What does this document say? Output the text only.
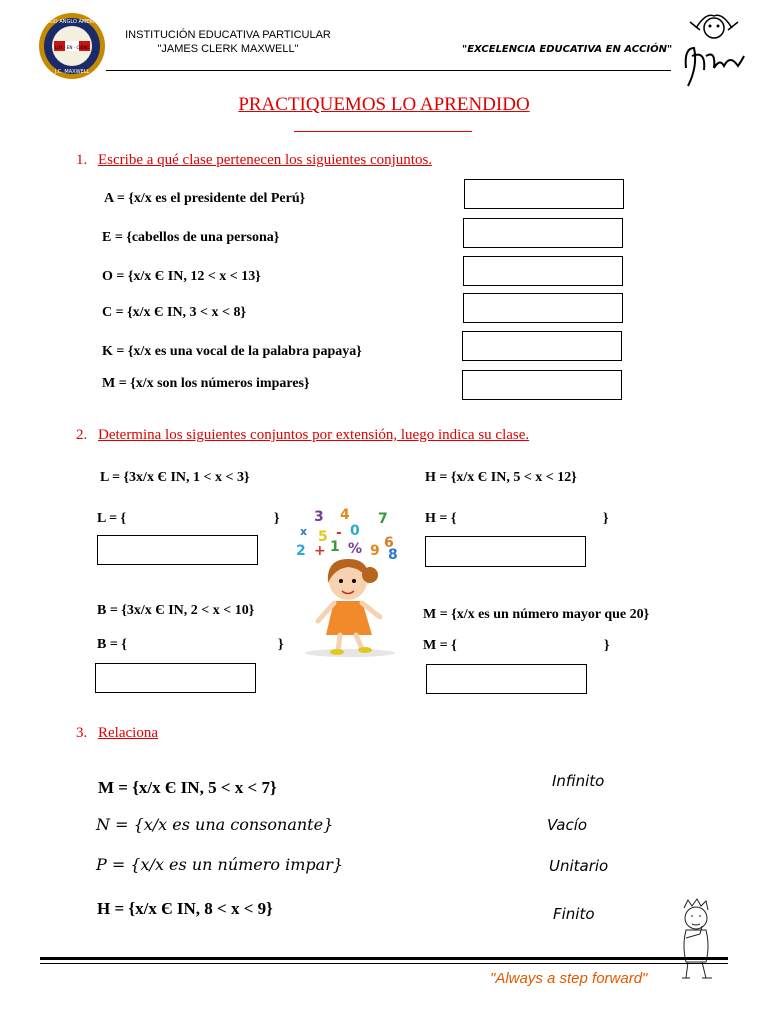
COLEGIO ANGLO AMERICANO
LUX · EN · CIENC
J.C. MAXWELL
INSTITUCIÓN EDUCATIVA PARTICULAR
"JAMES CLERK MAXWELL"	"EXCELENCIA EDUCATIVA EN ACCIÓN"
PRACTIQUEMOS LO APRENDIDO
1. Escribe a qué clase pertenecen los siguientes conjuntos.
A = {x/x es el presidente del Perú}
E = {cabellos de una persona}
O = {x/x Є IN, 12 < x < 13}
C = {x/x Є IN, 3 < x < 8}
K = {x/x es una vocal de la palabra papaya}
M = {x/x son los números impares}
2. Determina los siguientes conjuntos por extensión, luego indica su clase.
L = {3x/x Є IN, 1 < x < 3}	H = {x/x Є IN, 5 < x < 12}
L = {	}	H = {	}
B = {3x/x Є IN, 2 < x < 10}	M = {x/x es un número mayor que 20}
B = {	}	M = {	}
3 4 7
x 5 - 0
6
2 + 1 % 9 8
3. Relaciona
M = {x/x Є IN, 5 < x < 7}
N = {x/x es una consonante}
P = {x/x es un número impar}
H = {x/x Є IN, 8 < x < 9}
Infinito
Vacío
Unitario
Finito
"Always a step forward"
